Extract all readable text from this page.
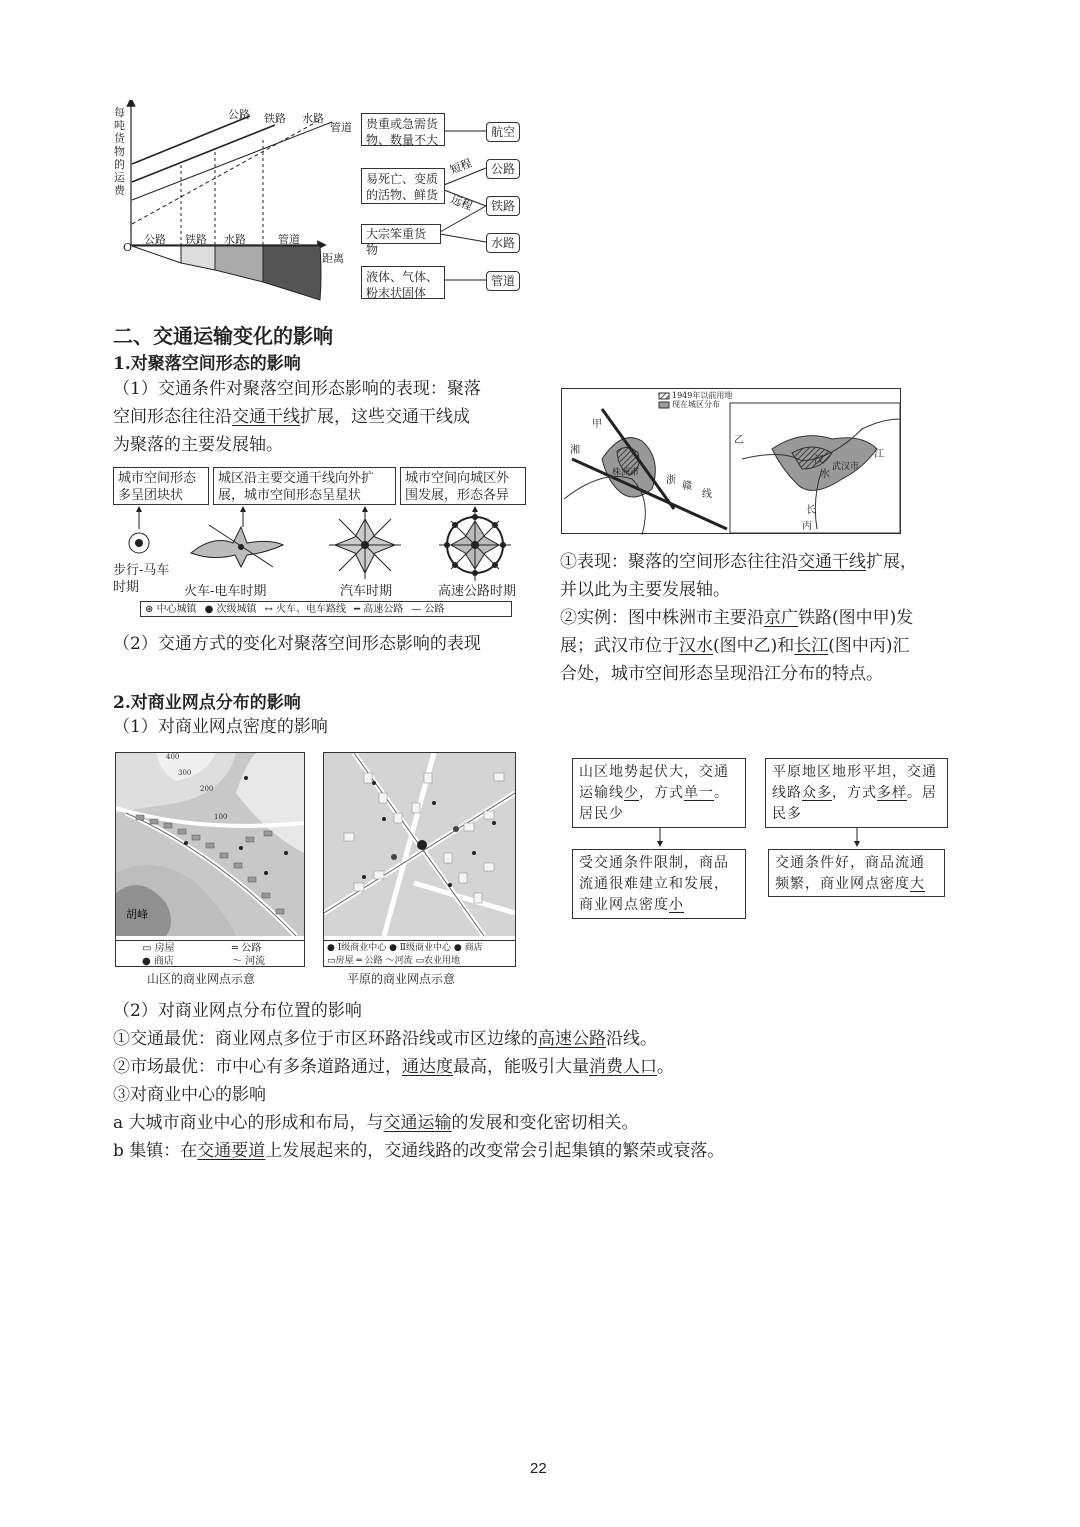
O
距离
公路 铁路 水路
管道
公路 铁路 水路	管道
每吨货物的运费
短程
远程
贵重或急需货物、数量不大
易死亡、变质的活物、鲜货
大宗笨重货物
液体、气体、粉末状固体
航空
公路
铁路
水路
管道
二、交通运输变化的影响
1.对聚落空间形态的影响
（1）交通条件对聚落空间形态影响的表现：聚落
空间形态往往沿交通干线扩展，这些交通干线成
为聚落的主要发展轴。
城市空间形态多呈团块状
城区沿主要交通干线向外扩展，城市空间形态呈星状
城市空间向城区外围发展，形态各异
步行-马车时期	火车-电车时期	汽车时期	高速公路时期
⊛ 中心城镇 ● 次级城镇 ↔ 火车、电车路线 ━ 高速公路 — 公路
（2）交通方式的变化对聚落空间形态影响的表现
1949年以前用地
现在城区分布
甲
湘
株洲市
浙
赣
线
乙
汉
水
武汉市
江
长
丙
①表现：聚落的空间形态往往沿交通干线扩展，
并以此为主要发展轴。
②实例：图中株洲市主要沿京广铁路(图中甲)发
展；武汉市位于汉水(图中乙)和长江(图中丙)汇
合处，城市空间形态呈现沿江分布的特点。
2.对商业网点分布的影响
（1）对商业网点密度的影响
胡峰
400
300
200
100
▭ 房屋	═ 公路
● 商店	～ 河流
山区的商业网点示意
● Ⅰ级商业中心 ● Ⅱ级商业中心 ● 商店
▭房屋 ═ 公路 ～河流 ▭农业用地
平原的商业网点示意
山区地势起伏大，交通运输线少，方式单一。居民少
平原地区地形平坦，交通线路众多，方式多样。居民多
受交通条件限制，商品流通很难建立和发展，商业网点密度小
交通条件好，商品流通频繁，商业网点密度大
（2）对商业网点分布位置的影响
①交通最优：商业网点多位于市区环路沿线或市区边缘的高速公路沿线。
②市场最优：市中心有多条道路通过，通达度最高，能吸引大量消费人口。
③对商业中心的影响
a 大城市商业中心的形成和布局，与交通运输的发展和变化密切相关。
b 集镇：在交通要道上发展起来的，交通线路的改变常会引起集镇的繁荣或衰落。
22
